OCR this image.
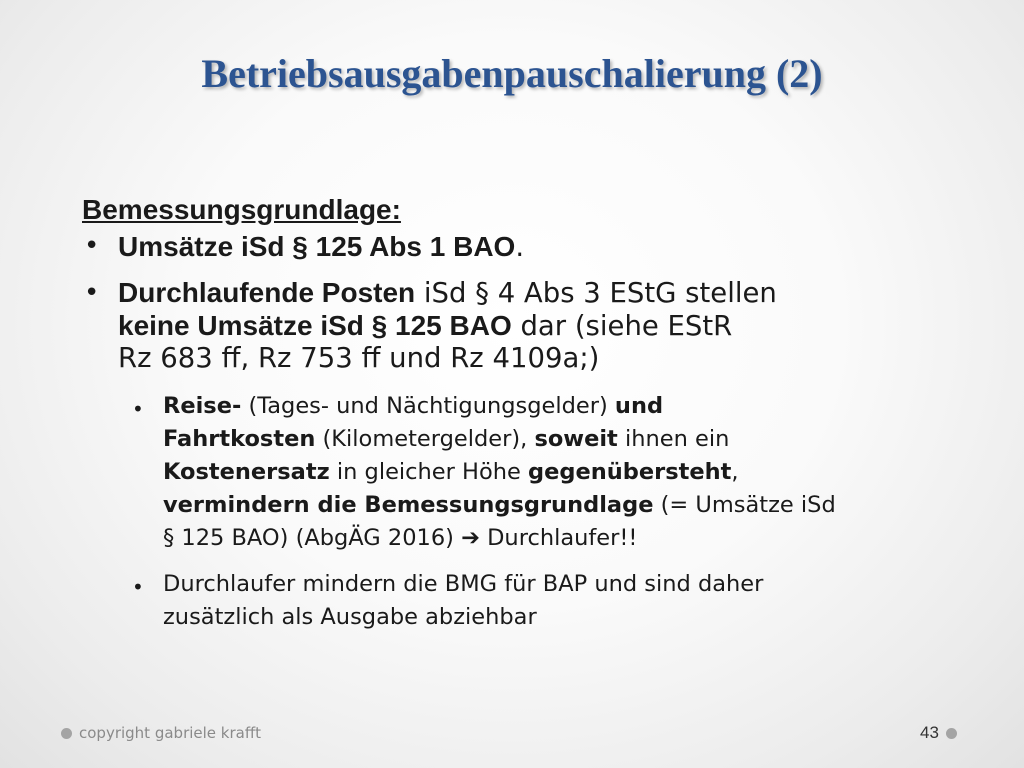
Betriebsausgabenpauschalierung (2)
Bemessungsgrundlage:
• Umsätze iSd § 125 Abs 1 BAO.
• Durchlaufende Posten iSd § 4 Abs 3 EStG stellen
keine Umsätze iSd § 125 BAO dar (siehe EStR
Rz 683 ff, Rz 753 ff und Rz 4109a;)
• Reise- (Tages- und Nächtigungsgelder) und
Fahrtkosten (Kilometergelder), soweit ihnen ein
Kostenersatz in gleicher Höhe gegenübersteht,
vermindern die Bemessungsgrundlage (= Umsätze iSd
§ 125 BAO) (AbgÄG 2016) ➔ Durchlaufer!!
• Durchlaufer mindern die BMG für BAP und sind daher
zusätzlich als Ausgabe abziehbar
copyright gabriele krafft	43
